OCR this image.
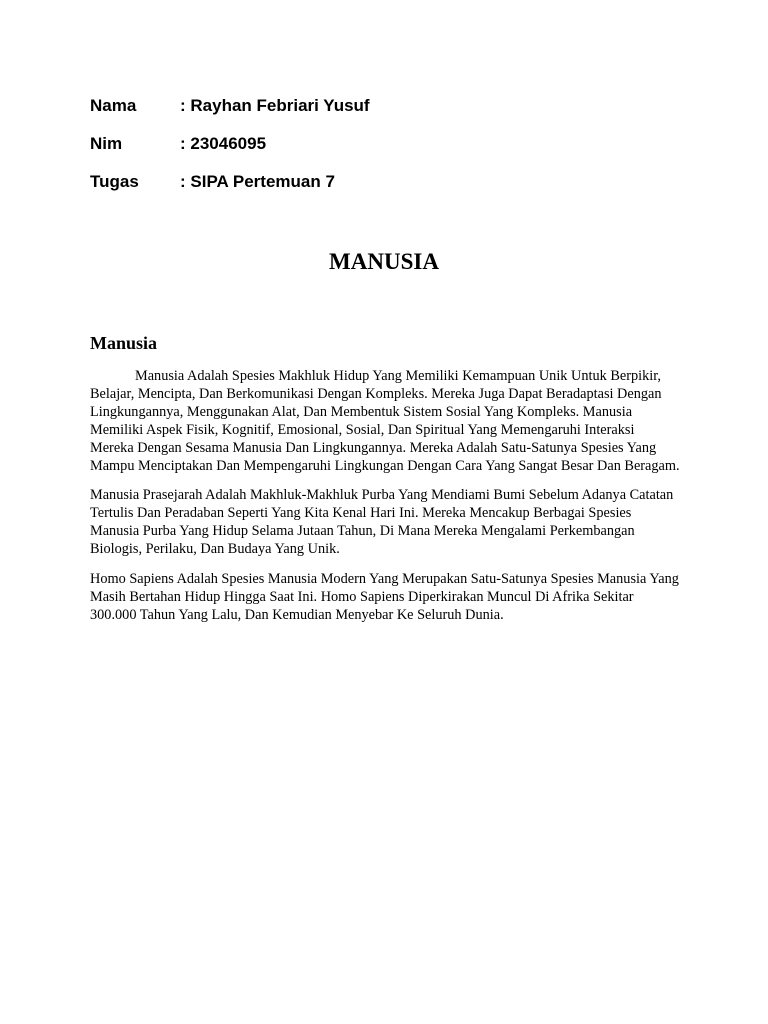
Nama	: Rayhan Febriari Yusuf
Nim	: 23046095
Tugas : SIPA Pertemuan 7
MANUSIA
Manusia

Manusia Adalah Spesies Makhluk Hidup Yang Memiliki Kemampuan Unik Untuk Berpikir, Belajar, Mencipta, Dan Berkomunikasi Dengan Kompleks. Mereka Juga Dapat Beradaptasi Dengan Lingkungannya, Menggunakan Alat, Dan Membentuk Sistem Sosial Yang Kompleks. Manusia Memiliki Aspek Fisik, Kognitif, Emosional, Sosial, Dan Spiritual Yang Memengaruhi Interaksi Mereka Dengan Sesama Manusia Dan Lingkungannya. Mereka Adalah Satu-Satunya Spesies Yang Mampu Menciptakan Dan Mempengaruhi Lingkungan Dengan Cara Yang Sangat Besar Dan Beragam.

Manusia Prasejarah Adalah Makhluk-Makhluk Purba Yang Mendiami Bumi Sebelum Adanya Catatan Tertulis Dan Peradaban Seperti Yang Kita Kenal Hari Ini. Mereka Mencakup Berbagai Spesies Manusia Purba Yang Hidup Selama Jutaan Tahun, Di Mana Mereka Mengalami Perkembangan Biologis, Perilaku, Dan Budaya Yang Unik.

Homo Sapiens Adalah Spesies Manusia Modern Yang Merupakan Satu-Satunya Spesies Manusia Yang Masih Bertahan Hidup Hingga Saat Ini. Homo Sapiens Diperkirakan Muncul Di Afrika Sekitar 300.000 Tahun Yang Lalu, Dan Kemudian Menyebar Ke Seluruh Dunia.
